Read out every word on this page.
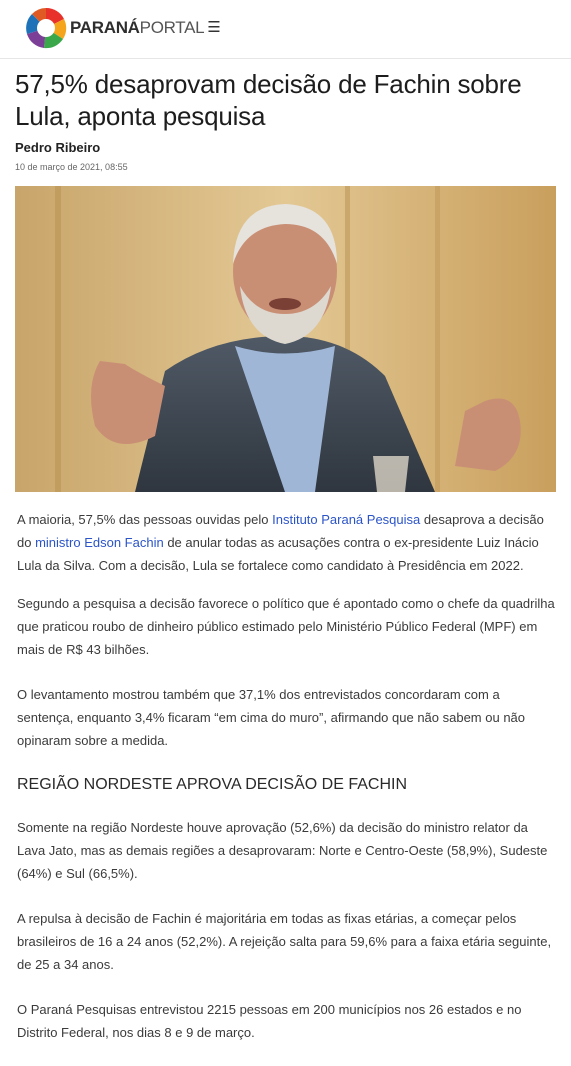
PARANÁPORTAL ☰
57,5% desaprovam decisão de Fachin sobre Lula, aponta pesquisa
Pedro Ribeiro
10 de março de 2021, 08:55

A maioria, 57,5% das pessoas ouvidas pelo Instituto Paraná Pesquisa desaprova a decisão do ministro Edson Fachin de anular todas as acusações contra o ex-presidente Luiz Inácio Lula da Silva. Com a decisão, Lula se fortalece como candidato à Presidência em 2022.

Segundo a pesquisa a decisão favorece o político que é apontado como o chefe da quadrilha que praticou roubo de dinheiro público estimado pelo Ministério Público Federal (MPF) em mais de R$ 43 bilhões.

O levantamento mostrou também que 37,1% dos entrevistados concordaram com a sentença, enquanto 3,4% ficaram “em cima do muro”, afirmando que não sabem ou não opinaram sobre a medida.

REGIÃO NORDESTE APROVA DECISÃO DE FACHIN

Somente na região Nordeste houve aprovação (52,6%) da decisão do ministro relator da Lava Jato, mas as demais regiões a desaprovaram: Norte e Centro-Oeste (58,9%), Sudeste (64%) e Sul (66,5%).

A repulsa à decisão de Fachin é majoritária em todas as fixas etárias, a começar pelos brasileiros de 16 a 24 anos (52,2%). A rejeição salta para 59,6% para a faixa etária seguinte, de 25 a 34 anos.

O Paraná Pesquisas entrevistou 2215 pessoas em 200 municípios nos 26 estados e no Distrito Federal, nos dias 8 e 9 de março.
